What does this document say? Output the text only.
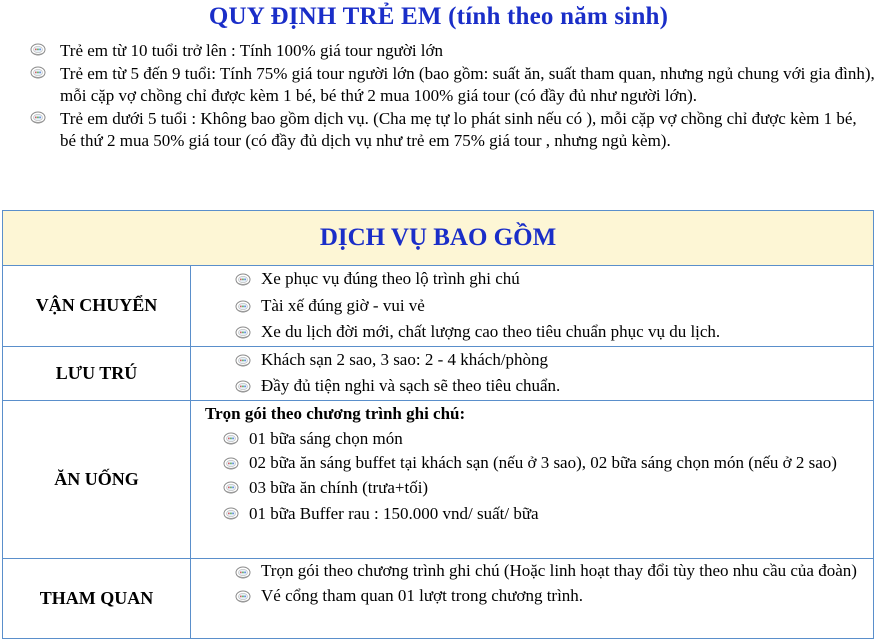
QUY ĐỊNH TRẺ EM (tính theo năm sinh)
Trẻ em từ 10 tuổi trở lên : Tính 100% giá tour người lớn
Trẻ em từ 5 đến 9 tuổi: Tính 75% giá tour người lớn (bao gồm: suất ăn, suất tham quan, nhưng ngủ chung với gia đình), mỗi cặp vợ chồng chỉ được kèm 1 bé, bé thứ 2 mua 100% giá tour (có đầy đủ như người lớn).
Trẻ em dưới 5 tuổi : Không bao gồm dịch vụ. (Cha mẹ tự lo phát sinh nếu có ), mỗi cặp vợ chồng chỉ được kèm 1 bé, bé thứ 2 mua 50% giá tour (có đầy đủ dịch vụ như trẻ em 75% giá tour , nhưng ngủ kèm).
DỊCH VỤ BAO GỒM	
VẬN CHUYỂN	Xe phục vụ đúng theo lộ trình ghi chú
Tài xế đúng giờ - vui vẻ
Xe du lịch đời mới, chất lượng cao theo tiêu chuẩn phục vụ du lịch.

LƯU TRÚ	Khách sạn 2 sao, 3 sao: 2 - 4 khách/phòng
Đầy đủ tiện nghi và sạch sẽ theo tiêu chuẩn.

ĂN UỐNG	Trọn gói theo chương trình ghi chú:
01 bữa sáng chọn món
02 bữa ăn sáng buffet tại khách sạn (nếu ở 3 sao), 02 bữa sáng chọn món (nếu ở 2 sao)
03 bữa ăn chính (trưa+tối)
01 bữa Buffer rau : 150.000 vnd/ suất/ bữa

THAM QUAN	Trọn gói theo chương trình ghi chú (Hoặc linh hoạt thay đổi tùy theo nhu cầu của đoàn)
Vé cổng tham quan 01 lượt trong chương trình.
